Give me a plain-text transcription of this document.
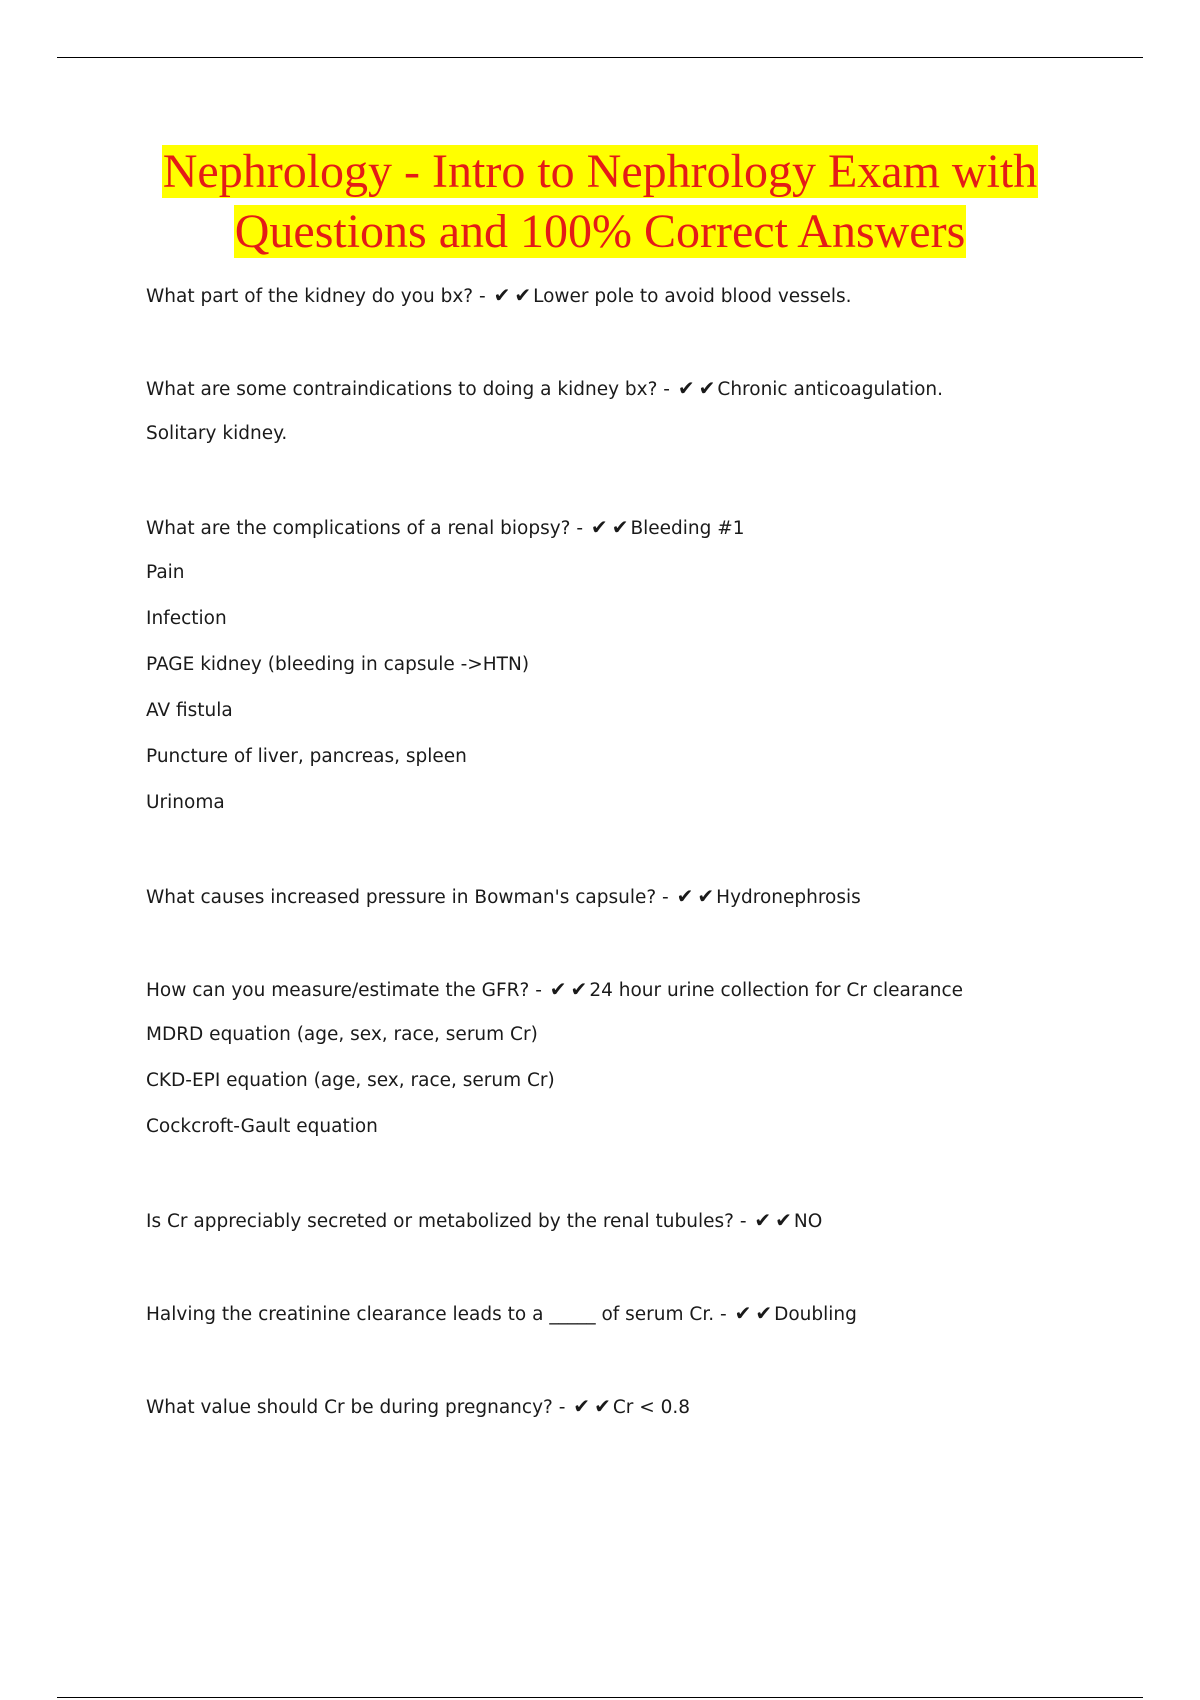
Nephrology - Intro to Nephrology Exam with
Questions and 100% Correct Answers
What part of the kidney do you bx? - ✔ ✔ Lower pole to avoid blood vessels.
What are some contraindications to doing a kidney bx? - ✔ ✔ Chronic anticoagulation.
Solitary kidney.
What are the complications of a renal biopsy? - ✔ ✔ Bleeding #1
Pain
Infection
PAGE kidney (bleeding in capsule ->HTN)
AV fistula
Puncture of liver, pancreas, spleen
Urinoma
What causes increased pressure in Bowman's capsule? - ✔ ✔ Hydronephrosis
How can you measure/estimate the GFR? - ✔ ✔ 24 hour urine collection for Cr clearance
MDRD equation (age, sex, race, serum Cr)
CKD-EPI equation (age, sex, race, serum Cr)
Cockcroft-Gault equation
Is Cr appreciably secreted or metabolized by the renal tubules? - ✔ ✔ NO
Halving the creatinine clearance leads to a _____ of serum Cr. - ✔ ✔ Doubling
What value should Cr be during pregnancy? - ✔ ✔ Cr < 0.8
